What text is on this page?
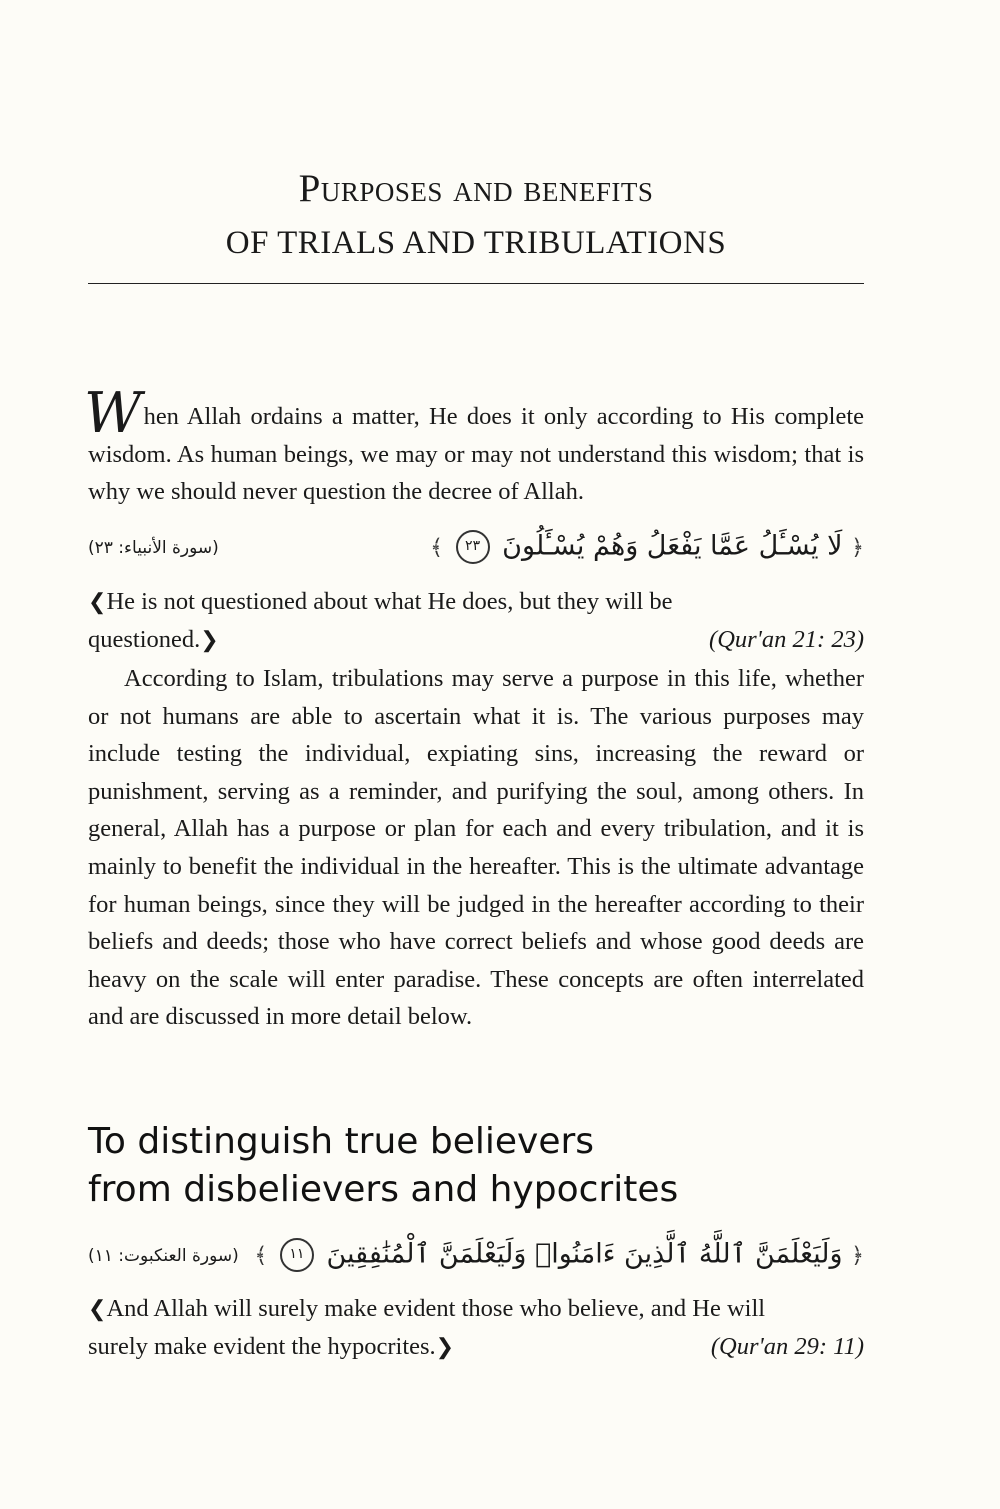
Purposes and benefits
OF TRIALS AND TRIBULATIONS

When Allah ordains a matter, He does it only according to His complete wisdom. As human beings, we may or may not understand this wisdom; that is why we should never question the decree of Allah.

(سورة الأنبياء: ٢٣)	﴿ لَا يُسْـَٔلُ عَمَّا يَفْعَلُ وَهُمْ يُسْـَٔلُونَ ٢٣ ﴾
❮He is not questioned about what He does, but they will be
questioned.❯	(Qur'an 21: 23)

According to Islam, tribulations may serve a purpose in this life, whether or not humans are able to ascertain what it is. The various purposes may include testing the individual, expiating sins, increasing the reward or punishment, serving as a reminder, and purifying the soul, among others. In general, Allah has a purpose or plan for each and every tribulation, and it is mainly to benefit the individual in the hereafter. This is the ultimate advantage for human beings, since they will be judged in the hereafter according to their beliefs and deeds; those who have correct beliefs and whose good deeds are heavy on the scale will enter paradise. These concepts are often interrelated and are discussed in more detail below.

To distinguish true believers
from disbelievers and hypocrites
(سورة العنكبوت: ١١)	﴿ وَلَيَعْلَمَنَّ ٱللَّهُ ٱلَّذِينَ ءَامَنُوا۟ وَلَيَعْلَمَنَّ ٱلْمُنَٰفِقِينَ ١١ ﴾
❮And Allah will surely make evident those who believe, and He will
surely make evident the hypocrites.❯	(Qur'an 29: 11)
